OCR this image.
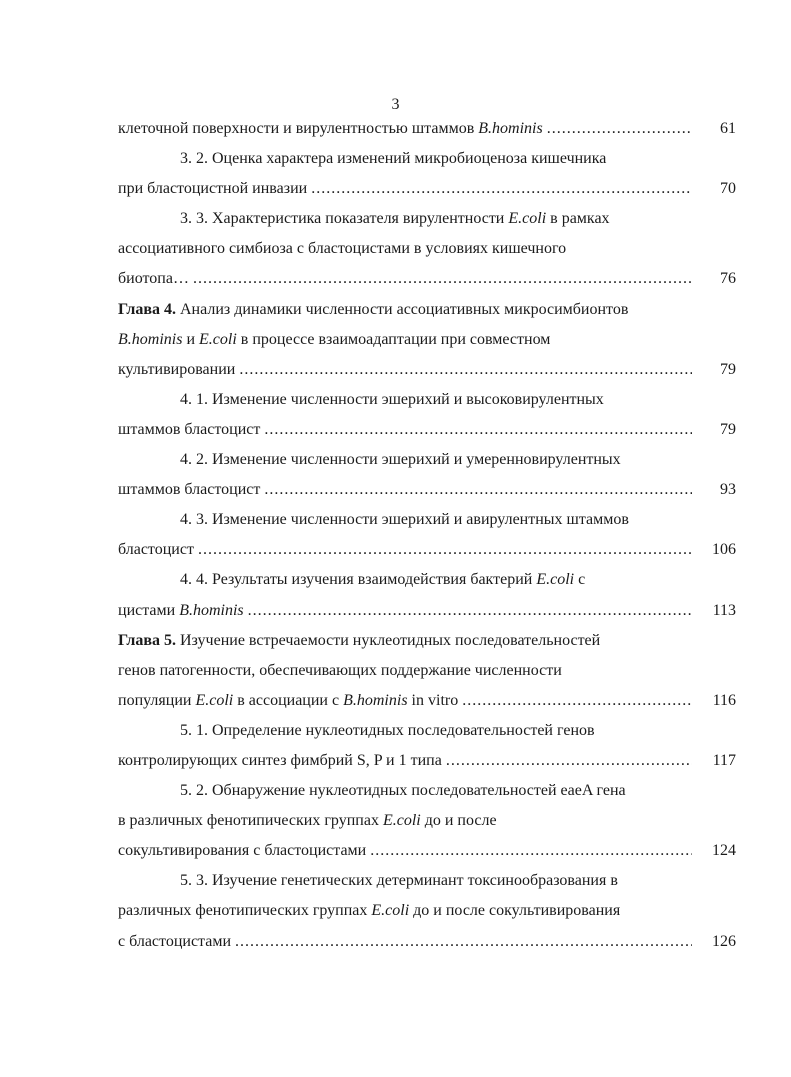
3
клеточной поверхности и вирулентностью штаммов B.hominis .....	61
3. 2. Оценка характера изменений микробиоценоза кишечника
при бластоцистной инвазии .....	70
3. 3. Характеристика показателя вирулентности E.coli в рамках
ассоциативного симбиоза с бластоцистами в условиях кишечного
биотопа… .....	76
Глава 4. Анализ динамики численности ассоциативных микросимбионтов
B.hominis и E.coli в процессе взаимоадаптации при совместном
культивировании .....	79
4. 1. Изменение численности эшерихий и высоковирулентных
штаммов бластоцист .....	79
4. 2. Изменение численности эшерихий и умеренновирулентных
штаммов бластоцист .....	93
4. 3. Изменение численности эшерихий и авирулентных штаммов
бластоцист .....	106
4. 4. Результаты изучения взаимодействия бактерий E.coli с
цистами B.hominis .....	113
Глава 5. Изучение встречаемости нуклеотидных последовательностей
генов патогенности, обеспечивающих поддержание численности
популяции E.coli в ассоциации с B.hominis in vitro .....	116
5. 1. Определение нуклеотидных последовательностей генов
контролирующих синтез фимбрий S, P и 1 типа .....	117
5. 2. Обнаружение нуклеотидных последовательностей eaeA гена
в различных фенотипических группах E.coli до и после
сокультивирования с бластоцистами .....	124
5. 3. Изучение генетических детерминант токсинообразования в
различных фенотипических группах E.coli до и после сокультивирования
с бластоцистами .....	126
